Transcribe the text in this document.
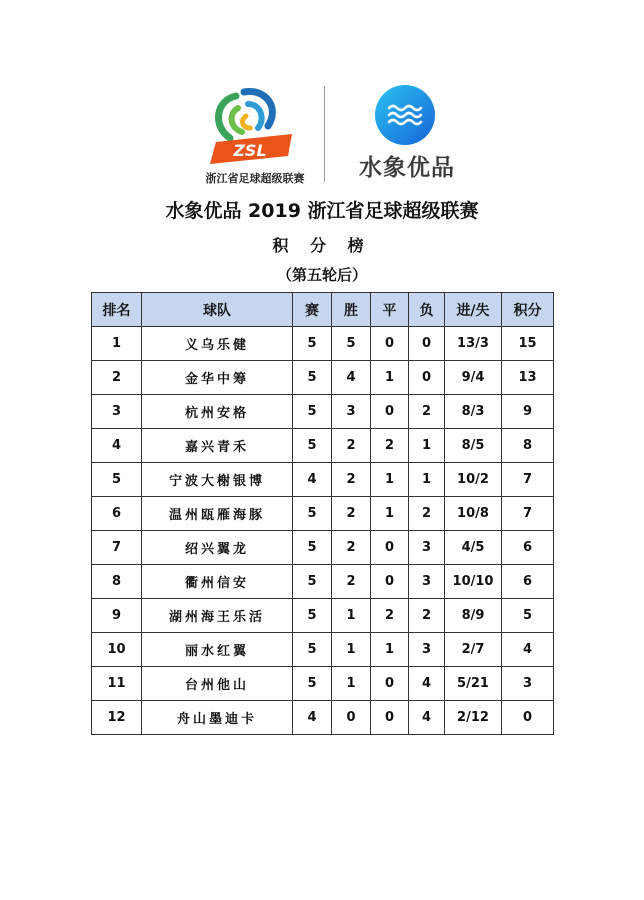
ZSL
浙江省足球超级联赛	水象优品
水象优品 2019 浙江省足球超级联赛
积 分 榜
（第五轮后）
排名	球队	赛	胜	平	负	进/失	积分
1	义乌乐健	5	5	0	0	13/3	15
2	金华中筹	5	4	1	0	9/4	13
3	杭州安格	5	3	0	2	8/3	9
4	嘉兴青禾	5	2	2	1	8/5	8
5	宁波大榭银博	4	2	1	1	10/2	7
6	温州瓯雁海豚	5	2	1	2	10/8	7
7	绍兴翼龙	5	2	0	3	4/5	6
8	衢州信安	5	2	0	3	10/10	6
9	湖州海王乐活	5	1	2	2	8/9	5
10	丽水红翼	5	1	1	3	2/7	4
11	台州他山	5	1	0	4	5/21	3
12	舟山墨迪卡	4	0	0	4	2/12	0
